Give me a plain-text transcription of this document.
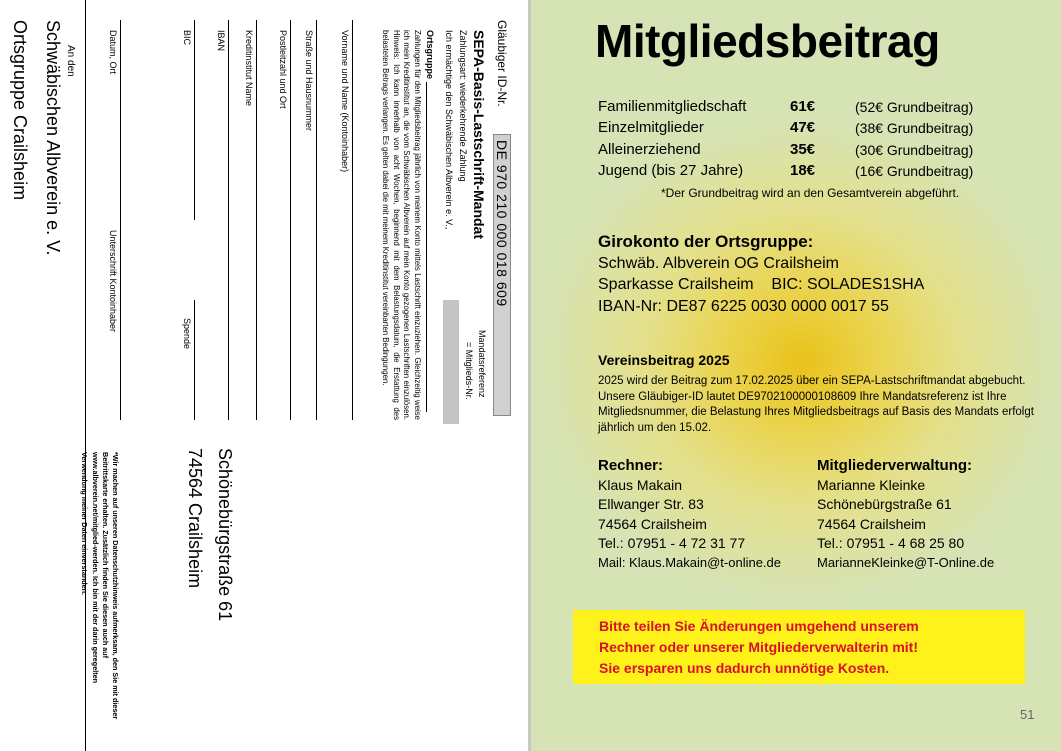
Gläubiger ID-Nr.
DE 970 210 000 018 609
SEPA-Basis-Lastschrift-Mandat
Zahlungsart: wiederkehrende Zahlung
Ich ermächtige den Schwäbischen Albverein e. V.,
Mandatsreferenz
= Mitglieds-Nr.
Ortsgruppe
Zahlungen für den Mitgliedsbeitrag jährlich von meinem Konto mittels Lastschrift einzuziehen. Gleichzeitig weise ich mein Kreditinstitut an, die vom Schwäbischen Albverein auf mein Konto gezogenen Lastschriften einzulösen. Hinweis: Ich kann innerhalb von acht Wochen, beginnend mit dem Belastungsdatum, die Erstattung des belasteten Betrags verlangen. Es gelten dabei die mit meinem Kreditinstitut vereinbarten Bedingungen.
Vorname und Name (Kontoinhaber)
Straße und Hausnummer
Postleitzahl und Ort
Kreditinstitut Name
IBAN
BIC
Spende
Datum, Ort
Unterschrift Kontoinhaber
An den
Schwäbischen Albverein e. V.
Ortsgruppe Crailsheim
Schönebürgstraße 61
74564 Crailsheim
*Wir machen auf unseren Datenschutzhinweis aufmerksam, den Sie mit dieser Beitrittskarte erhalten. Zusätzlich finden Sie diesen auch auf www.albverein.net/mitglied-werden. Ich bin mit der darin geregelten Verwendung meiner Daten einverstanden.
Mitgliedsbeitrag
Familienmitgliedschaft	61€	(52€ Grundbeitrag)
Einzelmitglieder	47€	(38€ Grundbeitrag)
Alleinerziehend	35€	(30€ Grundbeitrag)
Jugend (bis 27 Jahre)	18€	(16€ Grundbeitrag)
*Der Grundbeitrag wird an den Gesamtverein abgeführt.
Girokonto der Ortsgruppe:
Schwäb. Albverein OG Crailsheim
Sparkasse Crailsheim    BIC: SOLADES1SHA
IBAN-Nr: DE87 6225 0030 0000 0017 55
Vereinsbeitrag 2025
2025 wird der Beitrag zum 17.02.2025 über ein SEPA-Lastschriftmandat abgebucht. Unsere Gläubiger-ID lautet DE9702100000108609 Ihre Mandatsreferenz ist Ihre Mitgliedsnummer, die Belastung Ihres Mitgliedsbeitrags auf Basis des Mandats erfolgt jährlich um den 15.02.
Rechner:
Klaus Makain
Ellwanger Str. 83
74564 Crailsheim
Tel.: 07951 - 4 72 31 77
Mail: Klaus.Makain@t-online.de
Mitgliederverwaltung:
Marianne Kleinke
Schönebürgstraße 61
74564 Crailsheim
Tel.: 07951 - 4 68 25 80
MarianneKleinke@T-Online.de
Bitte teilen Sie Änderungen umgehend unserem
Rechner oder unserer Mitgliederverwalterin mit!
Sie ersparen uns dadurch unnötige Kosten.
51
